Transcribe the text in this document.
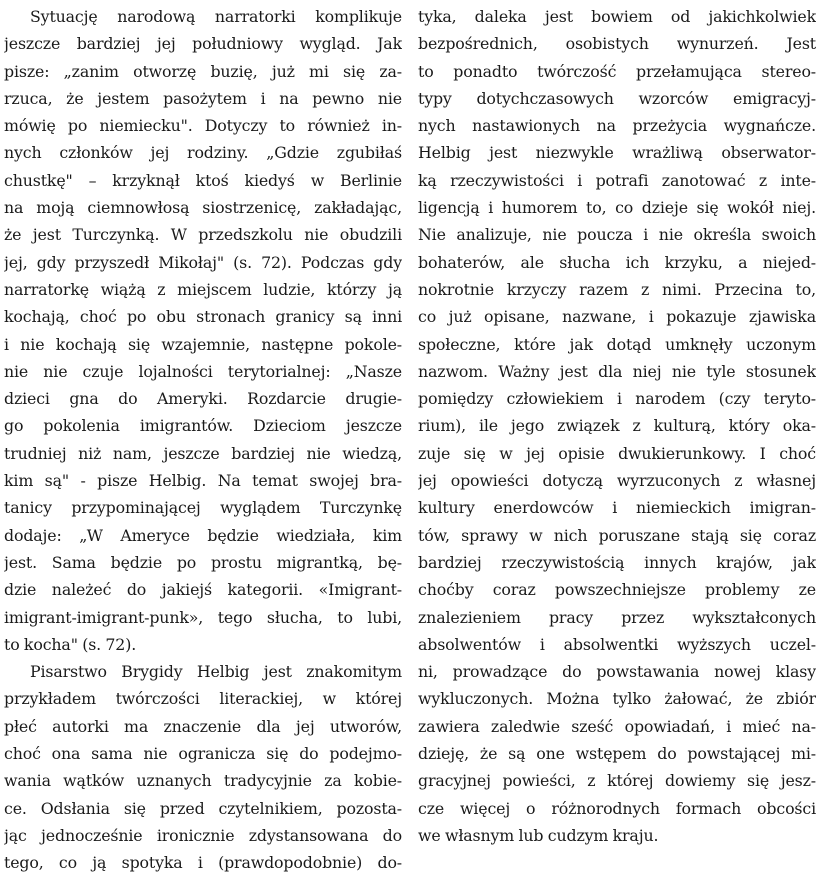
Sytuację narodową narratorki komplikuje
jeszcze bardziej jej południowy wygląd. Jak
pisze: „zanim otworzę buzię, już mi się za-
rzuca, że jestem pasożytem i na pewno nie
mówię po niemiecku". Dotyczy to również in-
nych członków jej rodziny. „Gdzie zgubiłaś
chustkę" – krzyknął ktoś kiedyś w Berlinie
na moją ciemnowłosą siostrzenicę, zakładając,
że jest Turczynką. W przedszkolu nie obudzili
jej, gdy przyszedł Mikołaj" (s. 72). Podczas gdy
narratorkę wiążą z miejscem ludzie, którzy ją
kochają, choć po obu stronach granicy są inni
i nie kochają się wzajemnie, następne pokole-
nie nie czuje lojalności terytorialnej: „Nasze
dzieci gna do Ameryki. Rozdarcie drugie-
go pokolenia imigrantów. Dzieciom jeszcze
trudniej niż nam, jeszcze bardziej nie wiedzą,
kim są" - pisze Helbig. Na temat swojej bra-
tanicy przypominającej wyglądem Turczynkę
dodaje: „W Ameryce będzie wiedziała, kim
jest. Sama będzie po prostu migrantką, bę-
dzie należeć do jakiejś kategorii. «Imigrant-
imigrant-imigrant-punk», tego słucha, to lubi,
to kocha" (s. 72).

Pisarstwo Brygidy Helbig jest znakomitym
przykładem twórczości literackiej, w której
płeć autorki ma znaczenie dla jej utworów,
choć ona sama nie ogranicza się do podejmo-
wania wątków uznanych tradycyjnie za kobie-
ce. Odsłania się przed czytelnikiem, pozosta-
jąc jednocześnie ironicznie zdystansowana do
tego, co ją spotyka i (prawdopodobnie) do-

tyka, daleka jest bowiem od jakichkolwiek
bezpośrednich, osobistych wynurzeń. Jest
to ponadto twórczość przełamująca stereo-
typy dotychczasowych wzorców emigracyj-
nych nastawionych na przeżycia wygnańcze.
Helbig jest niezwykle wrażliwą obserwator-
ką rzeczywistości i potrafi zanotować z inte-
ligencją i humorem to, co dzieje się wokół niej.
Nie analizuje, nie poucza i nie określa swoich
bohaterów, ale słucha ich krzyku, a niejed-
nokrotnie krzyczy razem z nimi. Przecina to,
co już opisane, nazwane, i pokazuje zjawiska
społeczne, które jak dotąd umknęły uczonym
nazwom. Ważny jest dla niej nie tyle stosunek
pomiędzy człowiekiem i narodem (czy teryto-
rium), ile jego związek z kulturą, który oka-
zuje się w jej opisie dwukierunkowy. I choć
jej opowieści dotyczą wyrzuconych z własnej
kultury enerdowców i niemieckich imigran-
tów, sprawy w nich poruszane stają się coraz
bardziej rzeczywistością innych krajów, jak
choćby coraz powszechniejsze problemy ze
znalezieniem pracy przez wykształconych
absolwentów i absolwentki wyższych uczel-
ni, prowadzące do powstawania nowej klasy
wykluczonych. Można tylko żałować, że zbiór
zawiera zaledwie sześć opowiadań, i mieć na-
dzieję, że są one wstępem do powstającej mi-
gracyjnej powieści, z której dowiemy się jesz-
cze więcej o różnorodnych formach obcości
we własnym lub cudzym kraju.
